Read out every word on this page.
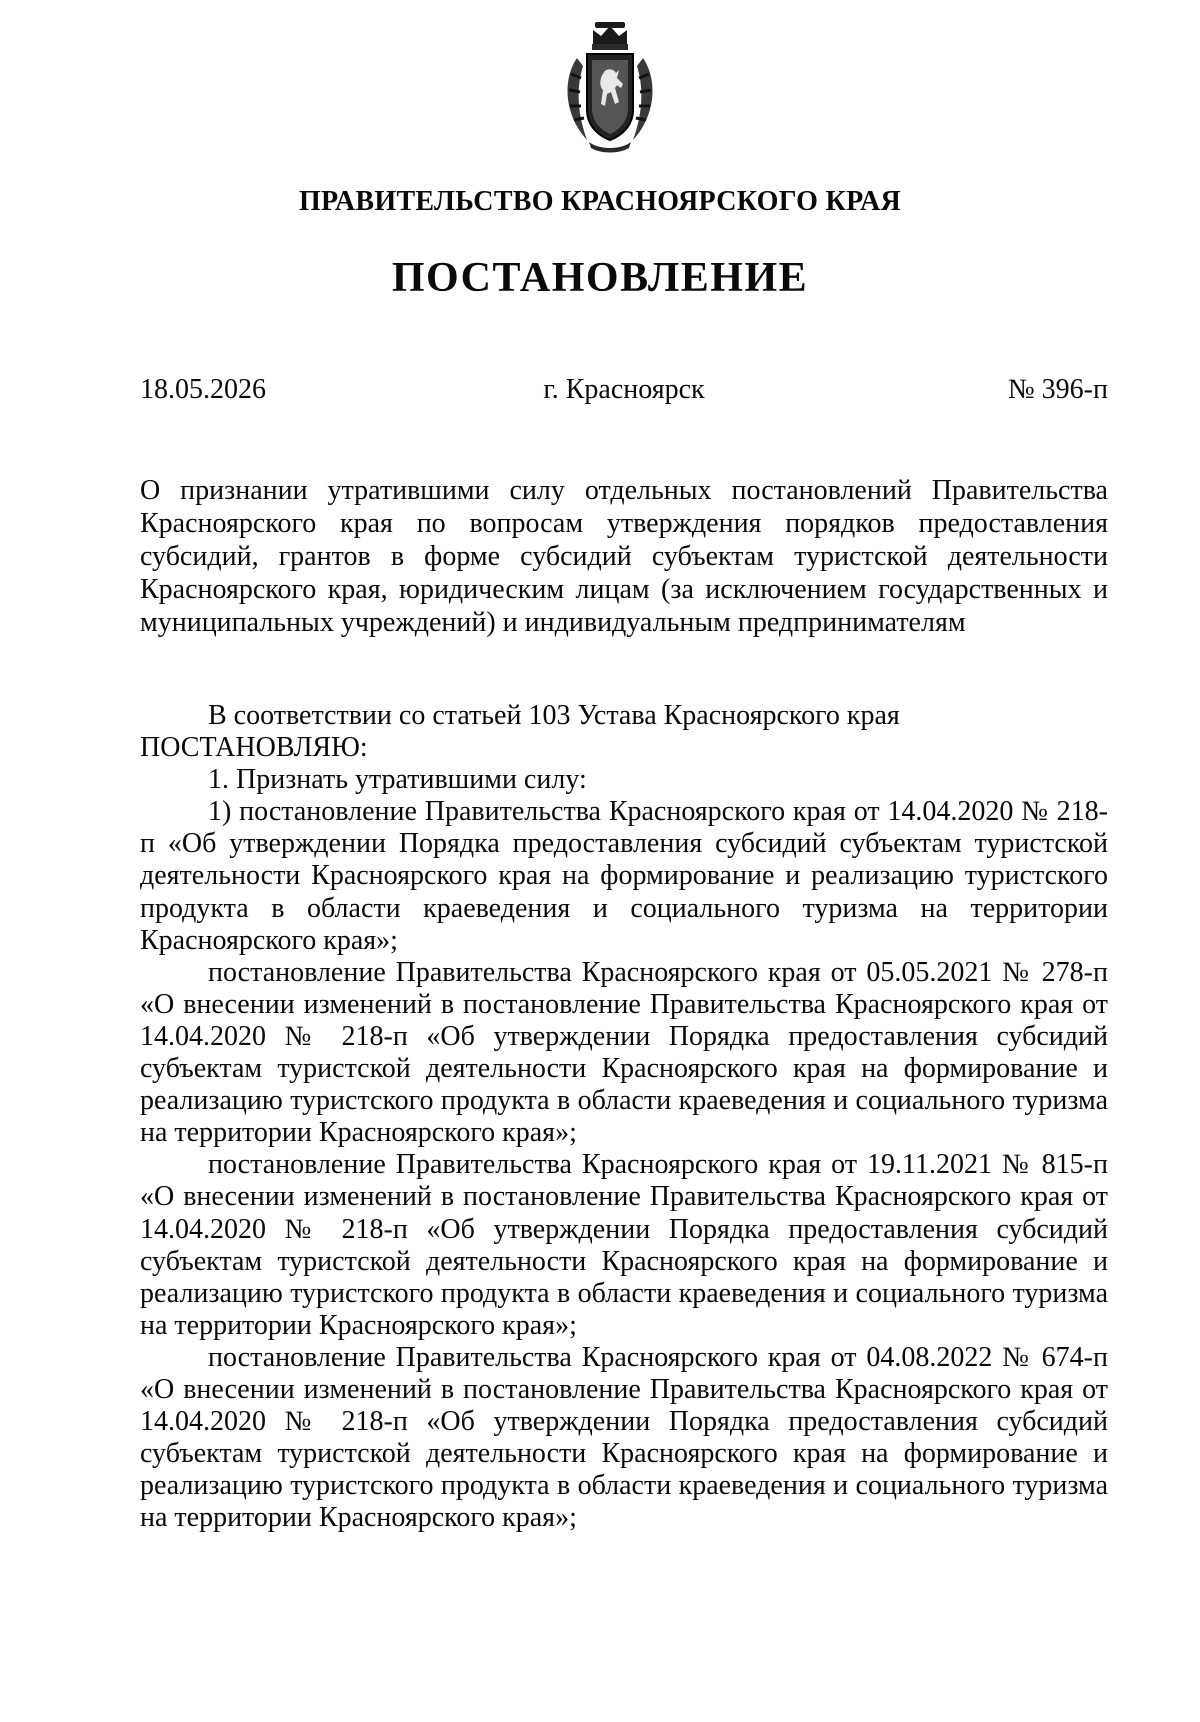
ПРАВИТЕЛЬСТВО КРАСНОЯРСКОГО КРАЯ
ПОСТАНОВЛЕНИЕ
18.05.2026	г. Красноярск	№ 396-п
О признании утратившими силу отдельных постановлений Правительства Красноярского края по вопросам утверждения порядков предоставления субсидий, грантов в форме субсидий субъектам туристской деятельности Красноярского края, юридическим лицам (за исключением государственных и муниципальных учреждений) и индивидуальным предпринимателям

В соответствии со статьей 103 Устава Красноярского края

ПОСТАНОВЛЯЮ:

1. Признать утратившими силу:

1) постановление Правительства Красноярского края от 14.04.2020 № 218-п «Об утверждении Порядка предоставления субсидий субъектам туристской деятельности Красноярского края на формирование и реализацию туристского продукта в области краеведения и социального туризма на территории Красноярского края»;

постановление Правительства Красноярского края от 05.05.2021 № 278-п «О внесении изменений в постановление Правительства Красноярского края от 14.04.2020 № 218-п «Об утверждении Порядка предоставления субсидий субъектам туристской деятельности Красноярского края на формирование и реализацию туристского продукта в области краеведения и социального туризма на территории Красноярского края»;

постановление Правительства Красноярского края от 19.11.2021 № 815-п «О внесении изменений в постановление Правительства Красноярского края от 14.04.2020 № 218-п «Об утверждении Порядка предоставления субсидий субъектам туристской деятельности Красноярского края на формирование и реализацию туристского продукта в области краеведения и социального туризма на территории Красноярского края»;

постановление Правительства Красноярского края от 04.08.2022 № 674-п «О внесении изменений в постановление Правительства Красноярского края от 14.04.2020 № 218-п «Об утверждении Порядка предоставления субсидий субъектам туристской деятельности Красноярского края на формирование и реализацию туристского продукта в области краеведения и социального туризма на территории Красноярского края»;
